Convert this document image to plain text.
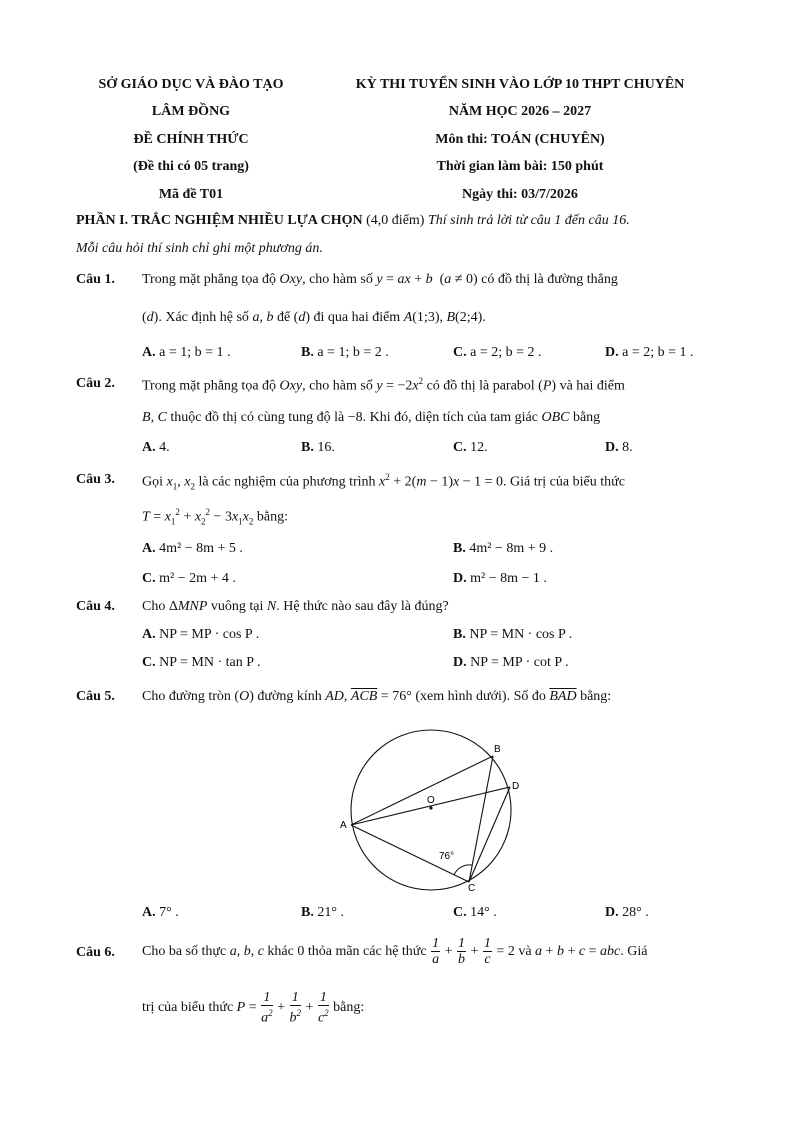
SỞ GIÁO DỤC VÀ ĐÀO TẠO
LÂM ĐỒNG
ĐỀ CHÍNH THỨC
(Đề thi có 05 trang)
Mã đề T01
KỲ THI TUYỂN SINH VÀO LỚP 10 THPT CHUYÊN
NĂM HỌC 2026 – 2027
Môn thi: TOÁN (CHUYÊN)
Thời gian làm bài: 150 phút
Ngày thi: 03/7/2026
PHẦN I. TRẮC NGHIỆM NHIỀU LỰA CHỌN (4,0 điểm) Thí sinh trả lời từ câu 1 đến câu 16.
Mỗi câu hỏi thí sinh chỉ ghi một phương án.
Câu 1. Trong mặt phẳng tọa độ Oxy, cho hàm số y = ax + b  (a ≠ 0) có đồ thị là đường thẳng
(d). Xác định hệ số a, b để (d) đi qua hai điểm A(1;3), B(2;4).
A. a = 1; b = 1 .	B. a = 1; b = 2 .	C. a = 2; b = 2 .	D. a = 2; b = 1 .
Câu 2. Trong mặt phẳng tọa độ Oxy, cho hàm số $y = -2x^2$ có đồ thị là parabol (P) và hai điểm
B, C thuộc đồ thị có cùng tung độ là −8. Khi đó, diện tích của tam giác OBC bằng
A. 4.	B. 16.	C. 12.	D. 8.
Câu 3. Gọi $x_1$, $x_2$ là các nghiệm của phương trình $x^2 + 2(m - 1)x - 1 = 0$. Giá trị của biểu thức
$T = x_1^2 + x_2^2 - 3x_1x_2$ bằng:
A. 4m² − 8m + 5 .	B. 4m² − 8m + 9 .
C. m² − 2m + 4 .	D. m² − 8m − 1 .
Câu 4. Cho ΔMNP vuông tại N. Hệ thức nào sau đây là đúng?
A. NP = MP · cos P .	B. NP = MN · cos P .
C. NP = MN · tan P .	D. NP = MP · cot P .
Câu 5. Cho đường tròn (O) đường kính AD, $\overline{ACB} = 76^\circ$ (xem hình dưới). Số đo $\overline{BAD}$ bằng:
B
D
O
A
C
76°
A. 7° .	B. 21° .	C. 14° .	D. 28° .
Câu 6. Cho ba số thực a, b, c khác 0 thỏa mãn các hệ thức $\frac{1}{a} + \frac{1}{b} + \frac{1}{c} = 2$ và a + b + c = abc. Giá
trị của biểu thức $P = \frac{1}{a^2} + \frac{1}{b^2} + \frac{1}{c^2}$ bằng:
